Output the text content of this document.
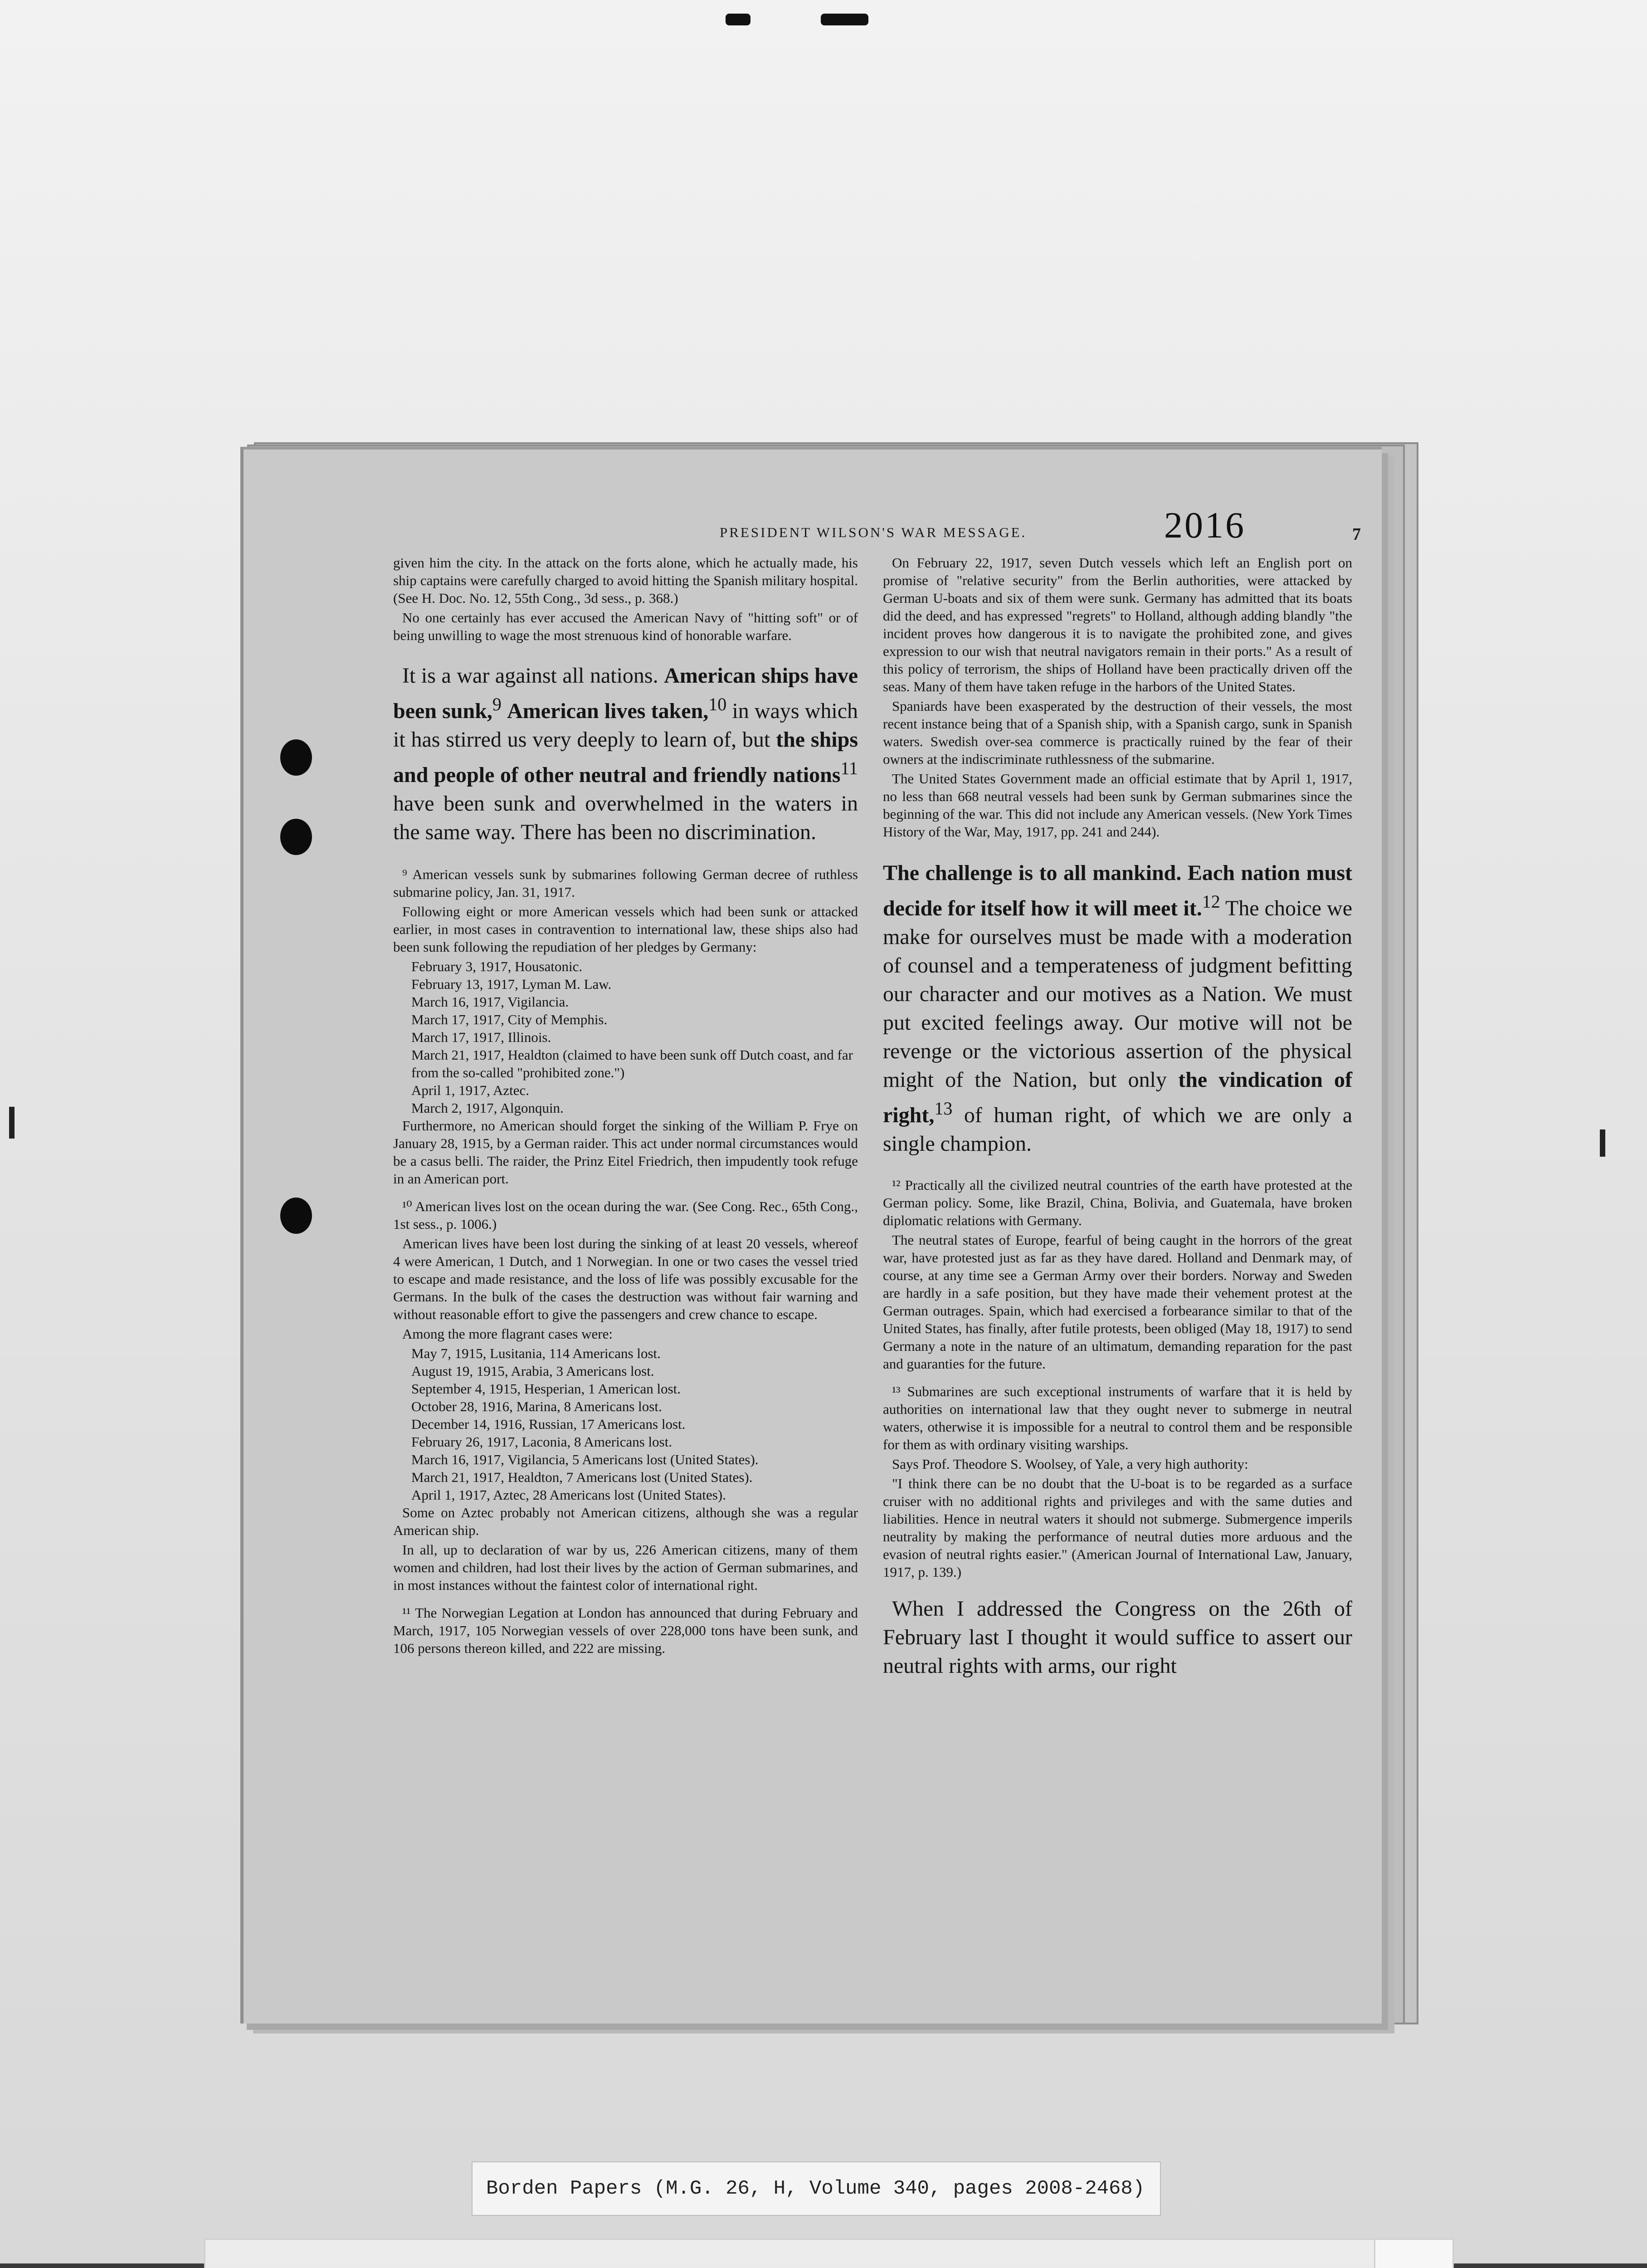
PRESIDENT WILSON'S WAR MESSAGE.	2016	7

given him the city. In the attack on the forts alone, which he actually made, his ship captains were carefully charged to avoid hitting the Spanish military hospital. (See H. Doc. No. 12, 55th Cong., 3d sess., p. 368.)

No one certainly has ever accused the American Navy of "hitting soft" or of being unwilling to wage the most strenuous kind of honorable warfare.

It is a war against all nations. American ships have been sunk,$^9$ American lives taken,$^{10}$ in ways which it has stirred us very deeply to learn of, but the ships and people of other neutral and friendly nations$^{11}$ have been sunk and overwhelmed in the waters in the same way. There has been no discrimination.

⁹ American vessels sunk by submarines following German decree of ruthless submarine policy, Jan. 31, 1917.

Following eight or more American vessels which had been sunk or attacked earlier, in most cases in contravention to international law, these ships also had been sunk following the repudiation of her pledges by Germany:

February 3, 1917, Housatonic.
February 13, 1917, Lyman M. Law.
March 16, 1917, Vigilancia.
March 17, 1917, City of Memphis.
March 17, 1917, Illinois.
March 21, 1917, Healdton (claimed to have been sunk off Dutch coast, and far from the so-called "prohibited zone.")
April 1, 1917, Aztec.
March 2, 1917, Algonquin.

Furthermore, no American should forget the sinking of the William P. Frye on January 28, 1915, by a German raider. This act under normal circumstances would be a casus belli. The raider, the Prinz Eitel Friedrich, then impudently took refuge in an American port.

¹⁰ American lives lost on the ocean during the war. (See Cong. Rec., 65th Cong., 1st sess., p. 1006.)

American lives have been lost during the sinking of at least 20 vessels, whereof 4 were American, 1 Dutch, and 1 Norwegian. In one or two cases the vessel tried to escape and made resistance, and the loss of life was possibly excusable for the Germans. In the bulk of the cases the destruction was without fair warning and without reasonable effort to give the passengers and crew chance to escape.

Among the more flagrant cases were:

May 7, 1915, Lusitania, 114 Americans lost.
August 19, 1915, Arabia, 3 Americans lost.
September 4, 1915, Hesperian, 1 American lost.
October 28, 1916, Marina, 8 Americans lost.
December 14, 1916, Russian, 17 Americans lost.
February 26, 1917, Laconia, 8 Americans lost.
March 16, 1917, Vigilancia, 5 Americans lost (United States).
March 21, 1917, Healdton, 7 Americans lost (United States).
April 1, 1917, Aztec, 28 Americans lost (United States).

Some on Aztec probably not American citizens, although she was a regular American ship.

In all, up to declaration of war by us, 226 American citizens, many of them women and children, had lost their lives by the action of German submarines, and in most instances without the faintest color of international right.

¹¹ The Norwegian Legation at London has announced that during February and March, 1917, 105 Norwegian vessels of over 228,000 tons have been sunk, and 106 persons thereon killed, and 222 are missing.

On February 22, 1917, seven Dutch vessels which left an English port on promise of "relative security" from the Berlin authorities, were attacked by German U-boats and six of them were sunk. Germany has admitted that its boats did the deed, and has expressed "regrets" to Holland, although adding blandly "the incident proves how dangerous it is to navigate the prohibited zone, and gives expression to our wish that neutral navigators remain in their ports." As a result of this policy of terrorism, the ships of Holland have been practically driven off the seas. Many of them have taken refuge in the harbors of the United States.

Spaniards have been exasperated by the destruction of their vessels, the most recent instance being that of a Spanish ship, with a Spanish cargo, sunk in Spanish waters. Swedish over-sea commerce is practically ruined by the fear of their owners at the indiscriminate ruthlessness of the submarine.

The United States Government made an official estimate that by April 1, 1917, no less than 668 neutral vessels had been sunk by German submarines since the beginning of the war. This did not include any American vessels. (New York Times History of the War, May, 1917, pp. 241 and 244).

The challenge is to all mankind. Each nation must decide for itself how it will meet it.$^{12}$ The choice we make for ourselves must be made with a moderation of counsel and a temperateness of judgment befitting our character and our motives as a Nation. We must put excited feelings away. Our motive will not be revenge or the victorious assertion of the physical might of the Nation, but only the vindication of right,$^{13}$ of human right, of which we are only a single champion.

¹² Practically all the civilized neutral countries of the earth have protested at the German policy. Some, like Brazil, China, Bolivia, and Guatemala, have broken diplomatic relations with Germany.

The neutral states of Europe, fearful of being caught in the horrors of the great war, have protested just as far as they have dared. Holland and Denmark may, of course, at any time see a German Army over their borders. Norway and Sweden are hardly in a safe position, but they have made their vehement protest at the German outrages. Spain, which had exercised a forbearance similar to that of the United States, has finally, after futile protests, been obliged (May 18, 1917) to send Germany a note in the nature of an ultimatum, demanding reparation for the past and guaranties for the future.

¹³ Submarines are such exceptional instruments of warfare that it is held by authorities on international law that they ought never to submerge in neutral waters, otherwise it is impossible for a neutral to control them and be responsible for them as with ordinary visiting warships.

Says Prof. Theodore S. Woolsey, of Yale, a very high authority:

"I think there can be no doubt that the U-boat is to be regarded as a surface cruiser with no additional rights and privileges and with the same duties and liabilities. Hence in neutral waters it should not submerge. Submergence imperils neutrality by making the performance of neutral duties more arduous and the evasion of neutral rights easier." (American Journal of International Law, January, 1917, p. 139.)

When I addressed the Congress on the 26th of February last I thought it would suffice to assert our neutral rights with arms, our right

Borden Papers (M.G. 26, H, Volume 340, pages 2008-2468)
